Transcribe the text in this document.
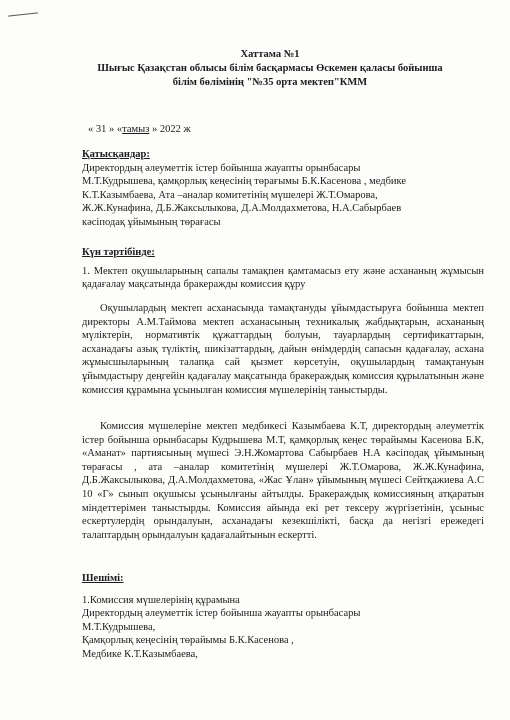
Хаттама №1
Шығыс Қазақстан облысы білім басқармасы Өскемен қаласы бойынша
білім бөлімінің "№35 орта мектеп"КММ
« 31 » «тамыз » 2022 ж
Қатысқандар:
Директордың әлеуметтік істер бойынша жауапты орынбасары
М.Т.Кудрышева, қамқорлық кеңесінің төрағымы Б.К.Касенова , медбике
К.Т.Казымбаева, Ата –аналар комитетінің мүшелері Ж.Т.Омарова,
Ж.Ж.Кунафина, Д.Б.Жаксылыкова, Д.А.Молдахметова, Н.А.Сабырбаев
кәсіподақ ұйымының төрағасы
Күн тәртібінде:
1. Мектеп оқушыларының сапалы тамақпен қамтамасыз ету және асхананың жұмысын қадағалау мақсатында бракеражды комиссия құру
Оқушылардың мектеп асханасында тамақтануды ұйымдастыруға бойынша мектеп директоры А.М.Таймова мектеп асханасының техникалық жабдықтарын, асхананың мүліктерін, нормативтік құжаттардың болуын, тауарлардың сертификаттарын, асханадағы азық түліктің, шикізаттардың, дайын өнімдердің сапасын қадағалау, асхана жұмысшыларының талапқа сай қызмет көрсетуін, оқушылардың тамақтануын ұйымдастыру деңгейін қадағалау мақсатында бракераждық комиссия құрылатынын және комиссия құрамына ұсынылған комиссия мүшелерінің таныстырды.
Комиссия мүшелеріне мектеп медбикесі Казымбаева К.Т, директордың әлеуметтік істер бойынша орынбасары Кудрышева М.Т, қамқорлық кеңес төрайымы Касенова Б.К, «Аманат» партиясының мүшесі Э.Н.Жомартова Сабырбаев Н.А кәсіподақ ұйымының төрағасы , ата –аналар комитетінің мүшелері Ж.Т.Омарова, Ж.Ж.Кунафина, Д.Б.Жаксылыкова, Д.А.Молдахметова, «Жас Ұлан» ұйымының мүшесі Сейтқажиева А.С 10 «Г» сынып оқушысы ұсынылғаны айтылды. Бракераждық комиссияның атқаратын міндеттерімен таныстырды. Комиссия айында екі рет тексеру жүргізетінін, ұсыныс ескертулердің орындалуын, асханадағы кезекшілікті, басқа да негізгі ережедегі талаптардың орындалуын қадағалайтынын ескертті.
Шешімі:
1.Комиссия мүшелерінің құрамына
Директордың әлеуметтік істер бойынша жауапты орынбасары
М.Т.Кудрышева,
Қамқорлық кеңесінің төрайымы Б.К.Касенова ,
Медбике К.Т.Казымбаева,
